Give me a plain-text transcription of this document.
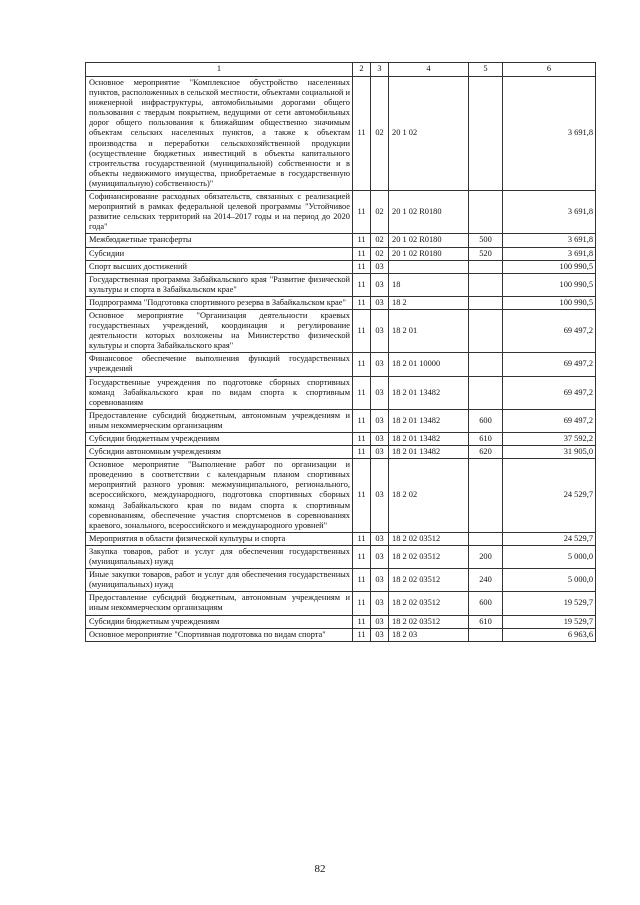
1	2	3	4	5	6
Основное мероприятие "Комплексное обустройство населенных пунктов, расположенных в сельской местности, объектами социальной и инженерной инфраструктуры, автомобильными дорогами общего пользования с твердым покрытием, ведущими от сети автомобильных дорог общего пользования к ближайшим общественно значимым объектам сельских населенных пунктов, а также к объектам производства и переработки сельскохозяйственной продукции (осуществление бюджетных инвестиций в объекты капитального строительства государственной (муниципальной) собственности и в объекты недвижимого имущества, приобретаемые в государственную (муниципальную) собственность)"	11	02	20 1 02		3 691,8
Софинансирование расходных обязательств, связанных с реализацией мероприятий в рамках федеральной целевой программы "Устойчивое развитие сельских территорий на 2014–2017 годы и на период до 2020 года"	11	02	20 1 02 R0180		3 691,8
Межбюджетные трансферты	11	02	20 1 02 R0180	500	3 691,8
Субсидии	11	02	20 1 02 R0180	520	3 691,8
Спорт высших достижений	11	03			100 990,5
Государственная программа Забайкальского края "Развитие физической культуры и спорта в Забайкальском крае"	11	03	18		100 990,5
Подпрограмма "Подготовка спортивного резерва в Забайкальском крае"	11	03	18 2		100 990,5
Основное мероприятие "Организация деятельности краевых государственных учреждений, координация и регулирование деятельности которых возложены на Министерство физической культуры и спорта Забайкальского края"	11	03	18 2 01		69 497,2
Финансовое обеспечение выполнения функций государственных учреждений	11	03	18 2 01 10000		69 497,2
Государственные учреждения по подготовке сборных спортивных команд Забайкальского края по видам спорта к спортивным соревнованиям	11	03	18 2 01 13482		69 497,2
Предоставление субсидий бюджетным, автономным учреждениям и иным некоммерческим организациям	11	03	18 2 01 13482	600	69 497,2
Субсидии бюджетным учреждениям	11	03	18 2 01 13482	610	37 592,2
Субсидии автономным учреждениям	11	03	18 2 01 13482	620	31 905,0
Основное мероприятие "Выполнение работ по организации и проведению в соответствии с календарным планом спортивных мероприятий разного уровня: межмуниципального, регионального, всероссийского, международного, подготовка спортивных сборных команд Забайкальского края по видам спорта к спортивным соревнованиям, обеспечение участия спортсменов в соревнованиях краевого, зонального, всероссийского и международного уровней"	11	03	18 2 02		24 529,7
Мероприятия в области физической культуры и спорта	11	03	18 2 02 03512		24 529,7
Закупка товаров, работ и услуг для обеспечения государственных (муниципальных) нужд	11	03	18 2 02 03512	200	5 000,0
Иные закупки товаров, работ и услуг для обеспечения государственных (муниципальных) нужд	11	03	18 2 02 03512	240	5 000,0
Предоставление субсидий бюджетным, автономным учреждениям и иным некоммерческим организациям	11	03	18 2 02 03512	600	19 529,7
Субсидии бюджетным учреждениям	11	03	18 2 02 03512	610	19 529,7
Основное мероприятие "Спортивная подготовка по видам спорта"	11	03	18 2 03		6 963,6
82
